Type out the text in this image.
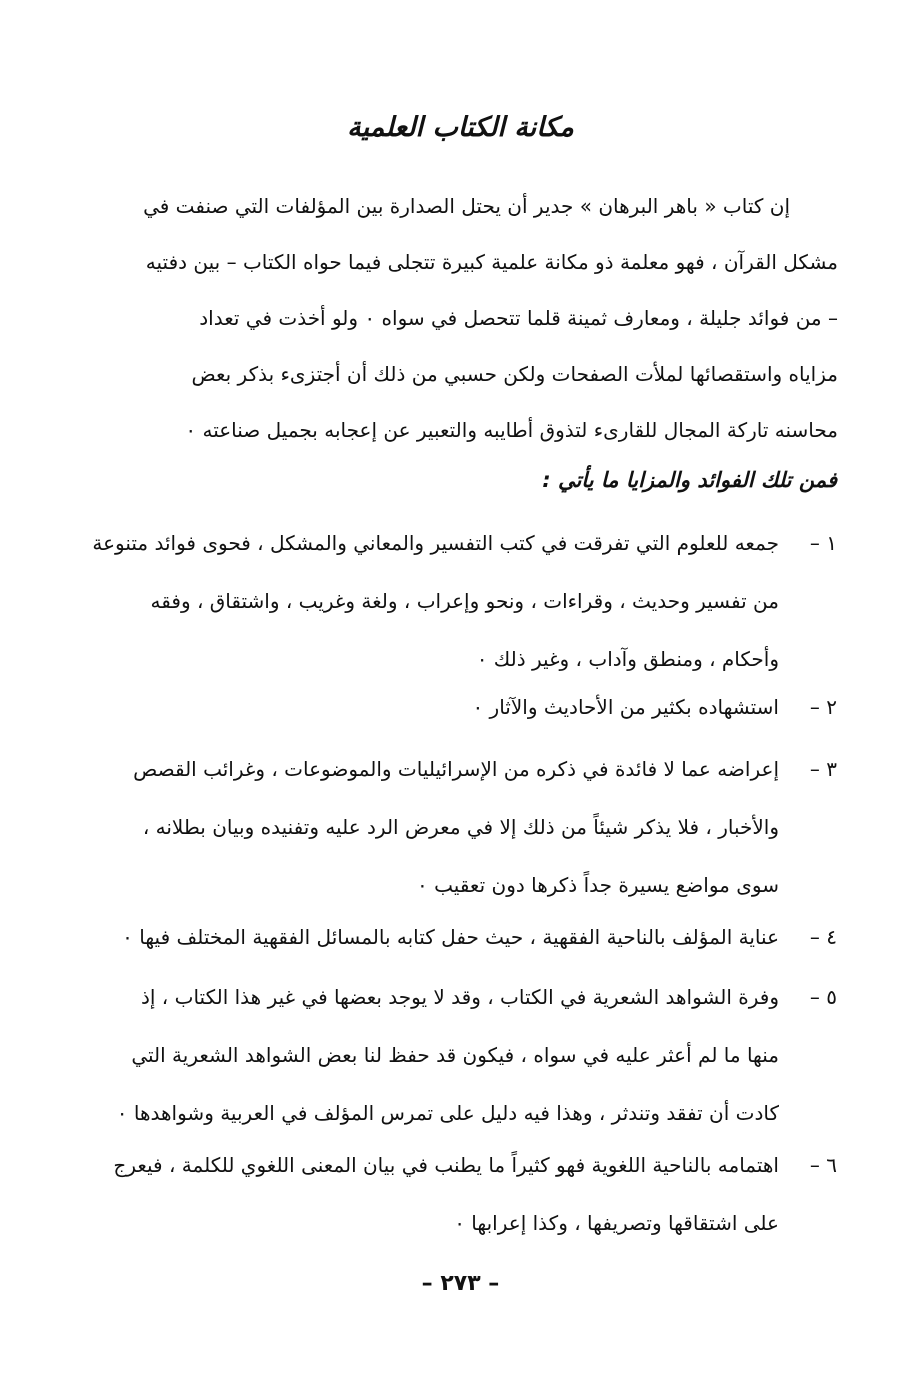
مكانة الكتاب العلمية
إن كتاب « باهر البرهان » جدير أن يحتل الصدارة بين المؤلفات التي صنفت في
مشكل القرآن ، فهو معلمة ذو مكانة علمية كبيرة تتجلى فيما حواه الكتاب – بين دفتيه
– من فوائد جليلة ، ومعارف ثمينة قلما تتحصل في سواه ٠ ولو أخذت في تعداد
مزاياه واستقصائها لملأت الصفحات ولكن حسبي من ذلك أن أجتزىء بذكر بعض
محاسنه تاركة المجال للقارىء لتذوق أطايبه والتعبير عن إعجابه بجميل صناعته ٠
فمن تلك الفوائد والمزايا ما يأتي :
١ –
جمعه للعلوم التي تفرقت في كتب التفسير والمعاني والمشكل ، فحوى فوائد متنوعة
من تفسير وحديث ، وقراءات ، ونحو وإعراب ، ولغة وغريب ، واشتقاق ، وفقه
وأحكام ، ومنطق وآداب ، وغير ذلك ٠
٢ –
استشهاده بكثير من الأحاديث والآثار ٠
٣ –
إعراضه عما لا فائدة في ذكره من الإسرائيليات والموضوعات ، وغرائب القصص
والأخبار ، فلا يذكر شيئاً من ذلك إلا في معرض الرد عليه وتفنيده وبيان بطلانه ،
سوى مواضع يسيرة جداً ذكرها دون تعقيب ٠
٤ –
عناية المؤلف بالناحية الفقهية ، حيث حفل كتابه بالمسائل الفقهية المختلف فيها ٠
٥ –
وفرة الشواهد الشعرية في الكتاب ، وقد لا يوجد بعضها في غير هذا الكتاب ، إذ
منها ما لم أعثر عليه في سواه ، فيكون قد حفظ لنا بعض الشواهد الشعرية التي
كادت أن تفقد وتندثر ، وهذا فيه دليل على تمرس المؤلف في العربية وشواهدها ٠
٦ –
اهتمامه بالناحية اللغوية فهو كثيراً ما يطنب في بيان المعنى اللغوي للكلمة ، فيعرج
على اشتقاقها وتصريفها ، وكذا إعرابها ٠
– ٢٧٣ –
